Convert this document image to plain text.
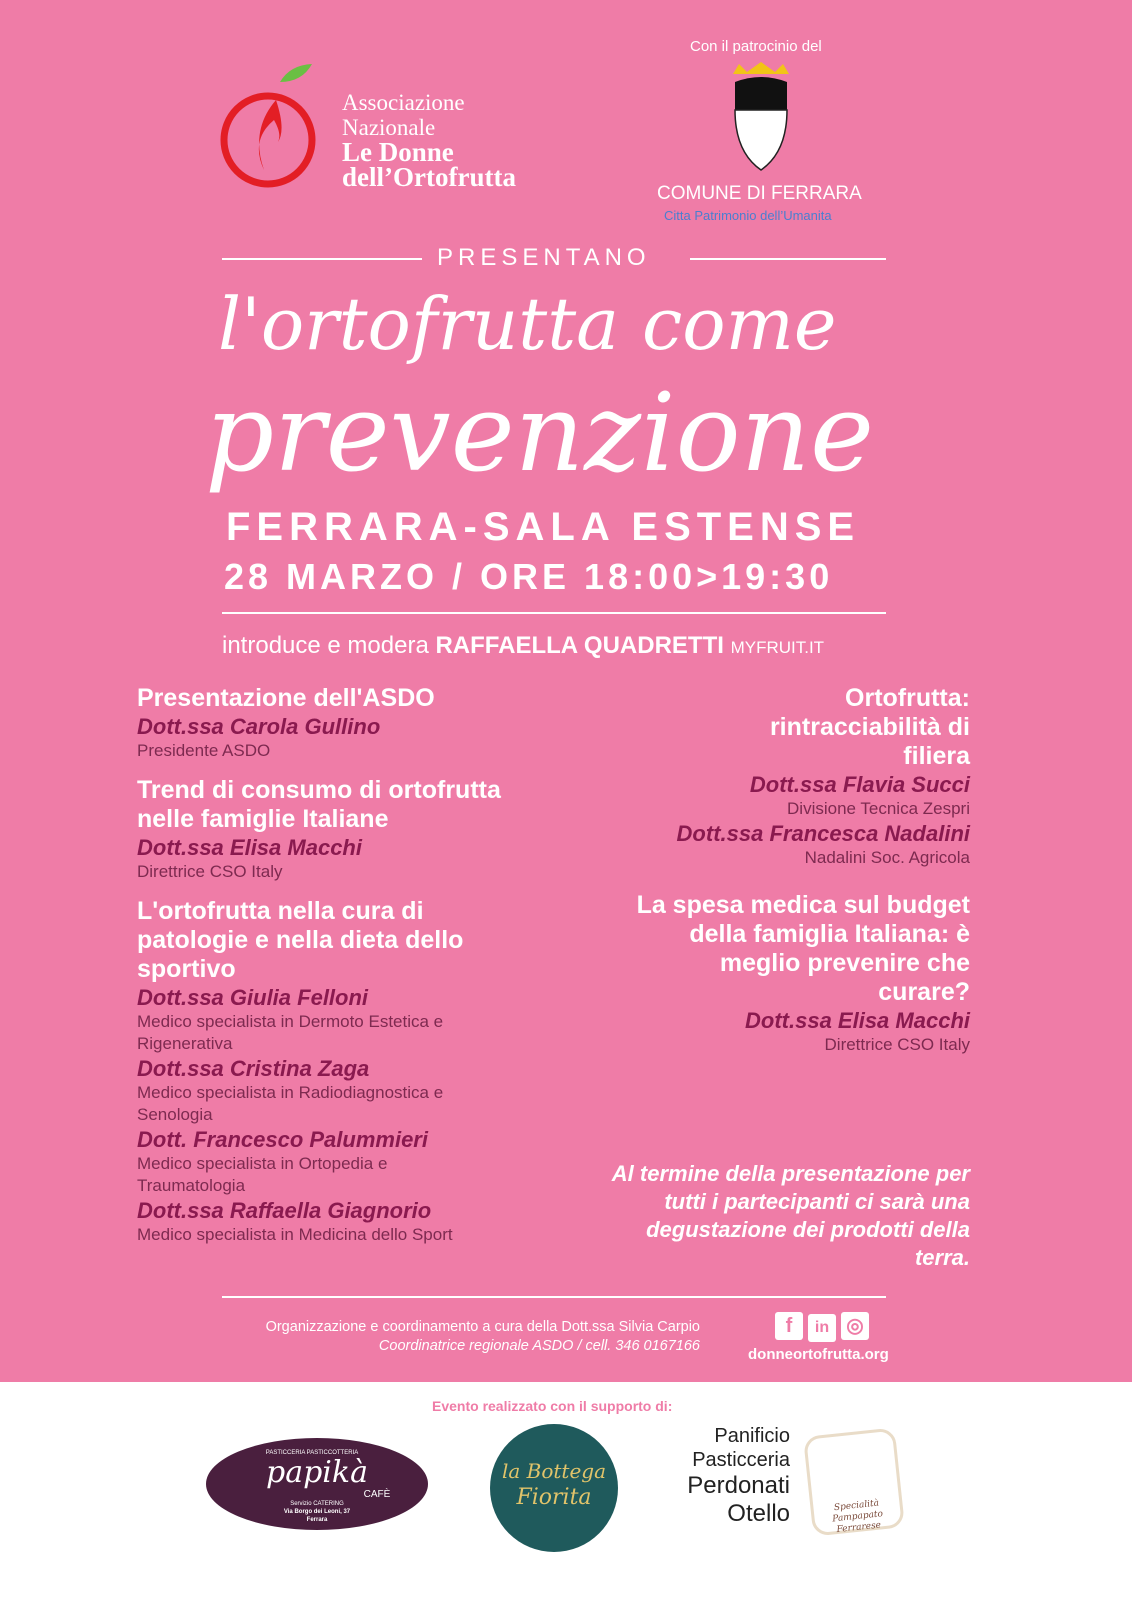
Associazione
Nazionale
Le Donne
dell’Ortofrutta
Con il patrocinio del
COMUNE DI FERRARA
Citta Patrimonio dell’Umanita
PRESENTANO
l'ortofrutta come
prevenzione
FERRARA-SALA ESTENSE
28 MARZO / ORE 18:00>19:30
introduce e modera RAFFAELLA QUADRETTI MYFRUIT.IT
Presentazione dell'ASDO
Dott.ssa Carola Gullino
Presidente ASDO
Trend di consumo di ortofrutta nelle famiglie Italiane
Dott.ssa Elisa Macchi
Direttrice CSO Italy
L'ortofrutta nella cura di patologie e nella dieta dello sportivo
Dott.ssa Giulia Felloni
Medico specialista in Dermoto Estetica e Rigenerativa
Dott.ssa Cristina Zaga
Medico specialista in Radiodiagnostica e Senologia
Dott. Francesco Palummieri
Medico specialista in Ortopedia e Traumatologia
Dott.ssa Raffaella Giagnorio
Medico specialista in Medicina dello Sport
Ortofrutta: rintracciabilità di filiera
Dott.ssa Flavia Succi
Divisione Tecnica Zespri
Dott.ssa Francesca Nadalini
Nadalini Soc. Agricola
La spesa medica sul budget della famiglia Italiana: è meglio prevenire che curare?
Dott.ssa Elisa Macchi
Direttrice CSO Italy
Al termine della presentazione per tutti i partecipanti ci sarà una degustazione dei prodotti della terra.
Organizzazione e coordinamento a cura della Dott.ssa Silvia Carpio
Coordinatrice regionale ASDO / cell. 346 0167166
f in ◎
donneortofrutta.org
Evento realizzato con il supporto di:
PASTICCERIA PASTICCOTTERIA
papikà
CAFÈ
Servizio CATERING
Via Borgo dei Leoni, 37
Ferrara
la Bottega
Fiorita
Panificio
Pasticceria
Perdonati
Otello	Specialità Pampapato Ferrarese
